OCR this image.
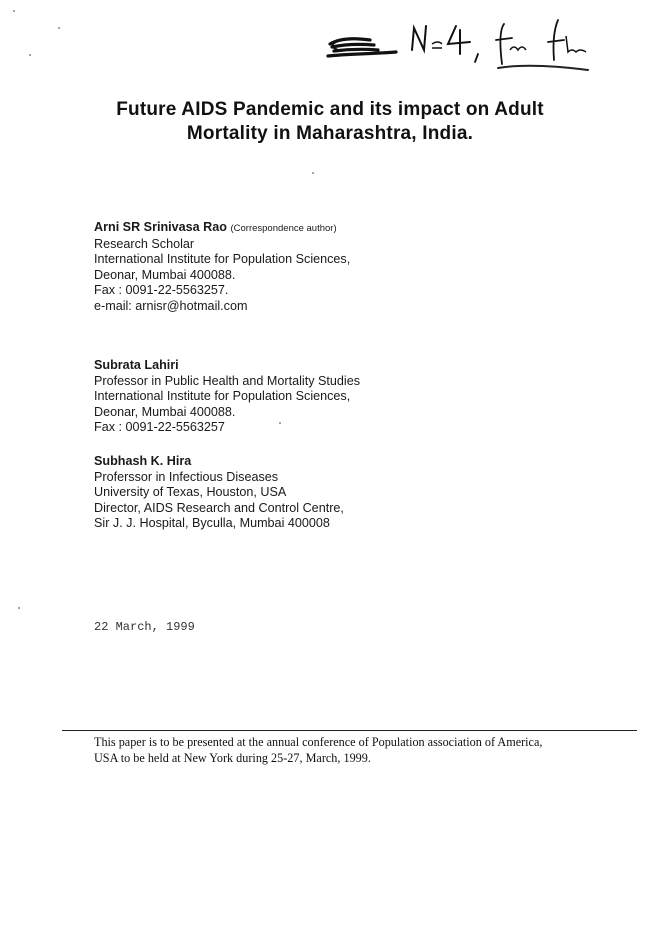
Future AIDS Pandemic and its impact on Adult
Mortality in Maharashtra, India.
Arni SR Srinivasa Rao (Correspondence author)
Research Scholar
International Institute for Population Sciences,
Deonar, Mumbai 400088.
Fax : 0091-22-5563257.
e-mail: arnisr@hotmail.com
Subrata Lahiri
Professor in Public Health and Mortality Studies
International Institute for Population Sciences,
Deonar, Mumbai 400088.
Fax : 0091-22-5563257
Subhash K. Hira
Proferssor in Infectious Diseases
University of Texas, Houston, USA
Director, AIDS Research and Control Centre,
Sir J. J. Hospital, Byculla, Mumbai 400008
22 March, 1999
This paper is to be presented at the annual conference of Population association of America,
USA to be held at New York during 25-27, March, 1999.
